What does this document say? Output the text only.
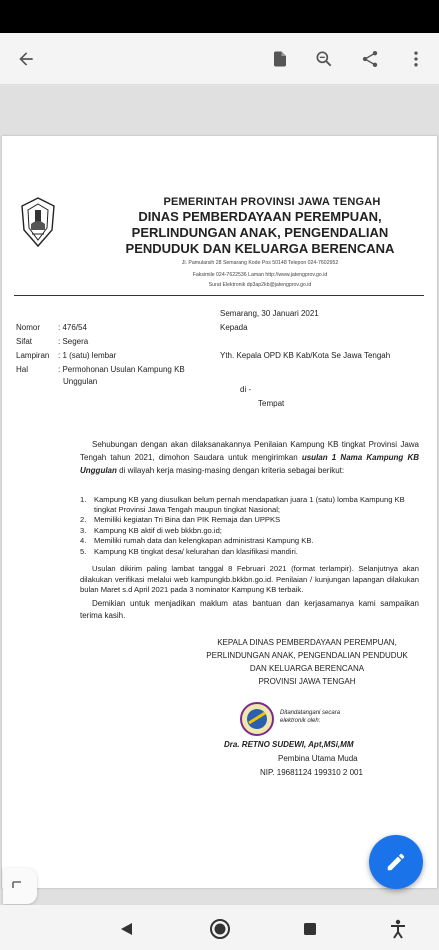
PEMERINTAH PROVINSI JAWA TENGAH
DINAS PEMBERDAYAAN PEREMPUAN,
PERLINDUNGAN ANAK, PENGENDALIAN
PENDUDUK DAN KELUARGA BERENCANA
Jl. Pamularsih 28 Semarang Kode Pos 50148 Telepon 024-7602952
Faksimile 024-7622536 Laman http://www.jatengprov.go.id
Surat Elektronik dp3ap2kb@jatengprov.go.id
Semarang, 30 Januari 2021
Kepada
Nomor : 476/54
Sifat	: Segera
Lampiran : 1 (satu) lembar
Hal	: Permohonan Usulan Kampung KB
Unggulan
Yth. Kepala OPD KB Kab/Kota Se Jawa Tengah
di -
Tempat
Sehubungan dengan akan dilaksanakannya Penilaian Kampung KB tingkat Provinsi Jawa Tengah tahun 2021, dimohon Saudara untuk mengirimkan usulan 1 Nama Kampung KB Unggulan di wilayah kerja masing-masing dengan kriteria sebagai berikut:
1. Kampung KB yang diusulkan belum pernah mendapatkan juara 1 (satu) lomba Kampung KB tingkat Provinsi Jawa Tengah maupun tingkat Nasional;
2. Memiliki kegiatan Tri Bina dan PIK Remaja dan UPPKS
3. Kampung KB aktif di web bkkbn.go.id;
4. Memiliki rumah data dan kelengkapan administrasi Kampung KB.
5. Kampung KB tingkat desa/ kelurahan dan klasifikasi mandiri.
Usulan dikirim paling lambat tanggal 8 Februari 2021 (format terlampir). Selanjutnya akan dilakukan verifikasi melalui web kampungkb.bkkbn.go.id. Penilaian / kunjungan lapangan dilakukan bulan Maret s.d April 2021 pada 3 nominator Kampung KB terbaik.
Demikian untuk menjadikan maklum atas bantuan dan kerjasamanya kami sampaikan terima kasih.
KEPALA DINAS PEMBERDAYAAN PEREMPUAN,
PERLINDUNGAN ANAK, PENGENDALIAN PENDUDUK
DAN KELUARGA BERENCANA
PROVINSI JAWA TENGAH
Ditandatangani secara
elektronik oleh:
Dra. RETNO SUDEWI, Apt,MSi,MM
Pembina Utama Muda
NIP. 19681124 199310 2 001
